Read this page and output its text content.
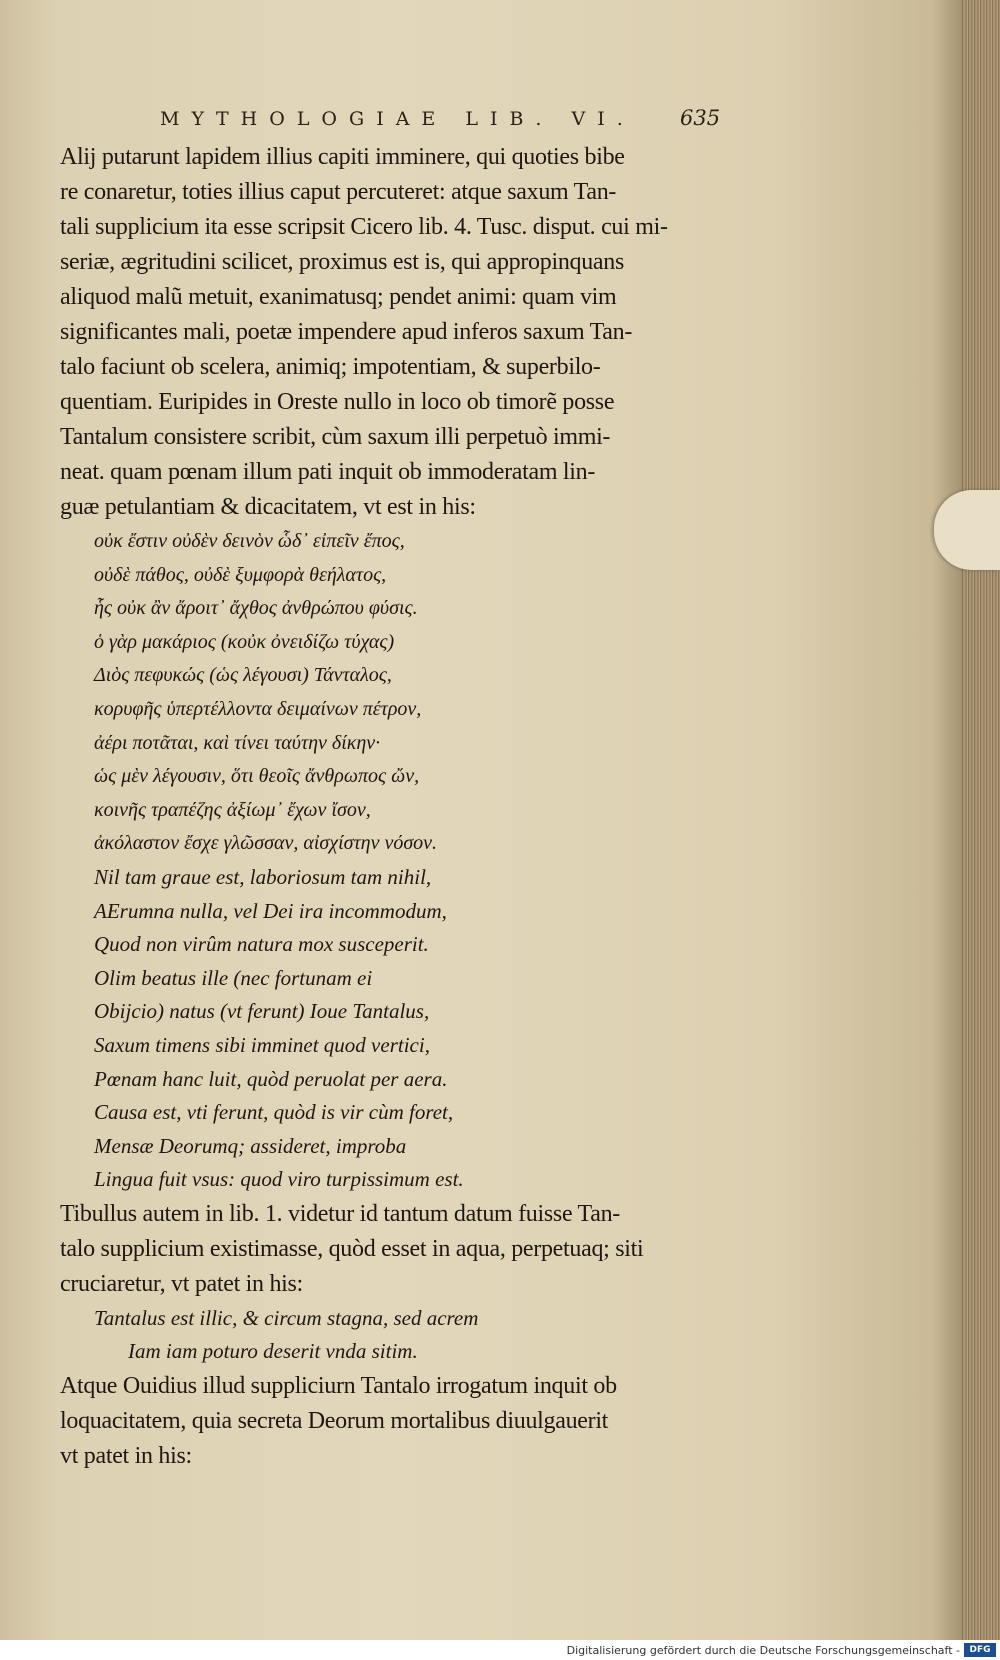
MYTHOLOGIAE LIB. VI.	635
Alij putarunt lapidem illius capiti imminere, qui quoties bibe
re conaretur, toties illius caput percuteret: atque saxum Tan-
tali supplicium ita esse scripsit Cicero lib. 4. Tusc. disput. cui mi-
seriæ, ægritudini scilicet, proximus est is, qui appropinquans
aliquod malũ metuit, exanimatusq; pendet animi: quam vim
significantes mali, poetæ impendere apud inferos saxum Tan-
talo faciunt ob scelera, animiq; impotentiam, & superbilo-
quentiam. Euripides in Oreste nullo in loco ob timorẽ posse
Tantalum consistere scribit, cùm saxum illi perpetuò immi-
neat. quam pœnam illum pati inquit ob immoderatam lin-
guæ petulantiam & dicacitatem, vt est in his:
οὐκ ἔστιν οὐδὲν δεινὸν ὧδ᾽ εἰπεῖν ἔπος,
οὐδὲ πάθος, οὐδὲ ξυμφορὰ θεήλατος,
ἧς οὐκ ἂν ἄροιτ᾽ ἄχθος ἀνθρώπου φύσις.
ὁ γὰρ μακάριος (κοὐκ ὀνειδίζω τύχας)
Διὸς πεφυκώς (ὡς λέγουσι) Τάνταλος,
κορυφῆς ὑπερτέλλοντα δειμαίνων πέτρον,
ἀέρι ποτᾶται, καὶ τίνει ταύτην δίκην·
ὡς μὲν λέγουσιν, ὅτι θεοῖς ἄνθρωπος ὤν,
κοινῆς τραπέζης ἀξίωμ᾽ ἔχων ἴσον,
ἀκόλαστον ἔσχε γλῶσσαν, αἰσχίστην νόσον.
Nil tam graue est, laboriosum tam nihil,
AErumna nulla, vel Dei ira incommodum,
Quod non virûm natura mox susceperit.
Olim beatus ille (nec fortunam ei
Obijcio) natus (vt ferunt) Ioue Tantalus,
Saxum timens sibi imminet quod vertici,
Pœnam hanc luit, quòd peruolat per aera.
Causa est, vti ferunt, quòd is vir cùm foret,
Mensæ Deorumq; assideret, improba
Lingua fuit vsus: quod viro turpissimum est.
Tibullus autem in lib. 1. videtur id tantum datum fuisse Tan-
talo supplicium existimasse, quòd esset in aqua, perpetuaq; siti
cruciaretur, vt patet in his:
Tantalus est illic, & circum stagna, sed acrem
Iam iam poturo deserit vnda sitim.
Atque Ouidius illud suppliciurn Tantalo irrogatum inquit ob
loquacitatem, quia secreta Deorum mortalibus diuulgauerit
vt patet in his:
Digitalisierung gefördert durch die Deutsche Forschungsgemeinschaft -	DFG
